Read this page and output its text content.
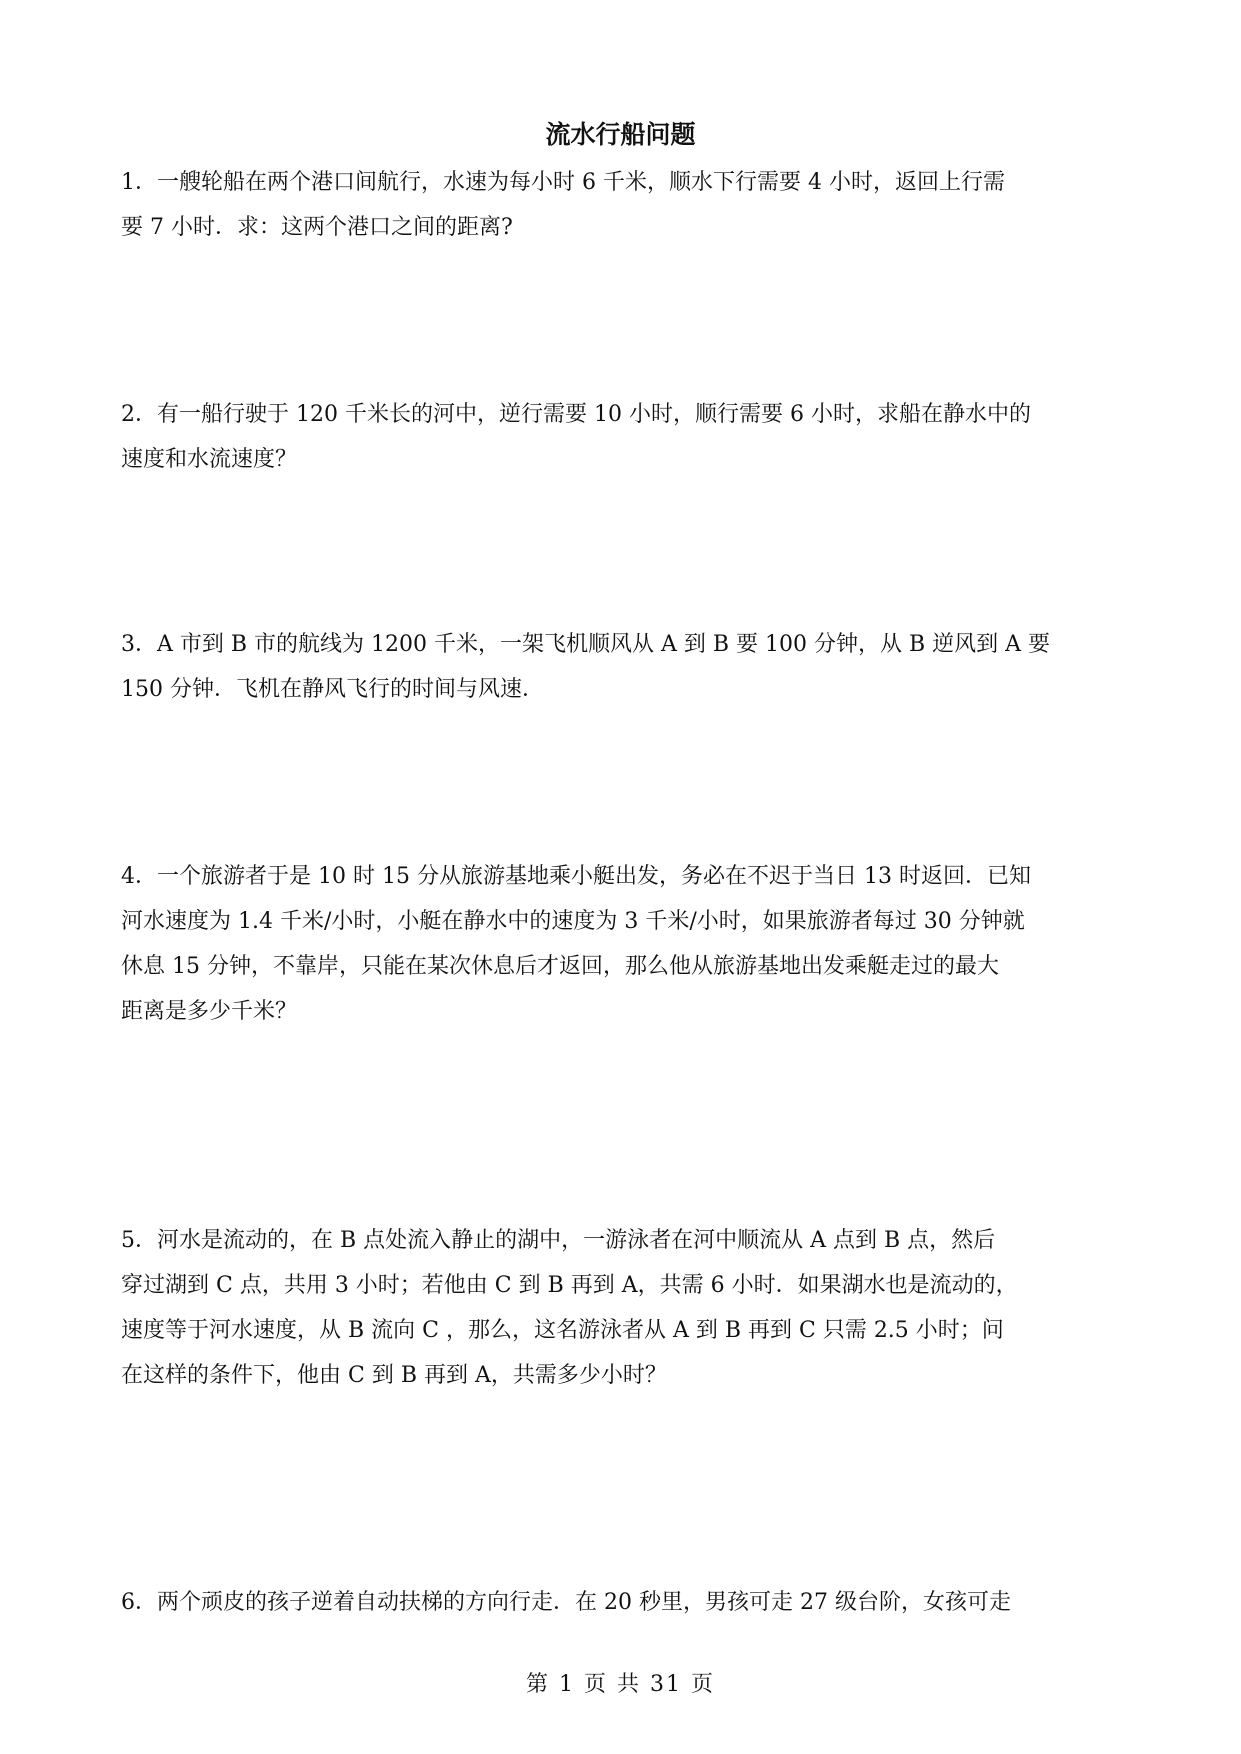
流水行船问题
1．一艘轮船在两个港口间航行，水速为每小时 6 千米，顺水下行需要 4 小时，返回上行需
要 7 小时．求：这两个港口之间的距离?
2．有一船行驶于 120 千米长的河中，逆行需要 10 小时，顺行需要 6 小时，求船在静水中的
速度和水流速度？
3．A 市到 B 市的航线为 1200 千米，一架飞机顺风从 A 到 B 要 100 分钟，从 B 逆风到 A 要
150 分钟．飞机在静风飞行的时间与风速．
4．一个旅游者于是 10 时 15 分从旅游基地乘小艇出发，务必在不迟于当日 13 时返回．已知
河水速度为 1.4 千米/小时，小艇在静水中的速度为 3 千米/小时，如果旅游者每过 30 分钟就
休息 15 分钟，不靠岸，只能在某次休息后才返回，那么他从旅游基地出发乘艇走过的最大
距离是多少千米？
5．河水是流动的，在 B 点处流入静止的湖中，一游泳者在河中顺流从 A 点到 B 点，然后
穿过湖到 C 点，共用 3 小时；若他由 C 到 B 再到 A，共需 6 小时．如果湖水也是流动的，
速度等于河水速度，从 B 流向 C ，那么，这名游泳者从 A 到 B 再到 C 只需 2.5 小时；问
在这样的条件下，他由 C 到 B 再到 A，共需多少小时？
6．两个顽皮的孩子逆着自动扶梯的方向行走．在 20 秒里，男孩可走 27 级台阶，女孩可走
第 1 页 共 31 页
